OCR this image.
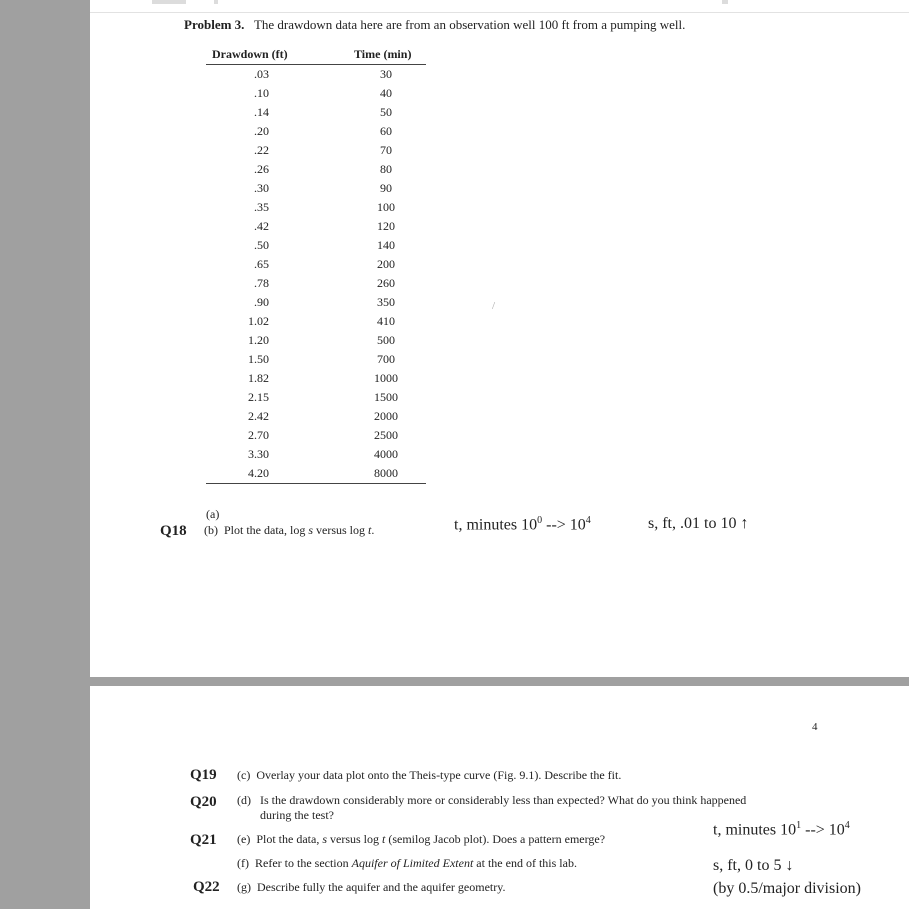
Problem 3. The drawdown data here are from an observation well 100 ft from a pumping well.
Drawdown (ft)	Time (min)
.03	30
.10	40
.14	50
.20	60
.22	70
.26	80
.30	90
.35	100
.42	120
.50	140
.65	200
.78	260
.90	350
1.02	410
1.20	500
1.50	700
1.82	1000
2.15	1500
2.42	2000
2.70	2500
3.30	4000
4.20	8000
/
(a)
Q18 (b) Plot the data, log s versus log t.	t, minutes $10^0$ --> $10^4$	s, ft, .01 to 10 ↑
4
Q19 (c) Overlay your data plot onto the Theis-type curve (Fig. 9.1). Describe the fit.
Q20 (d) Is the drawdown considerably more or considerably less than expected? What do you think happened
during the test?
Q21 (e) Plot the data, s versus log t (semilog Jacob plot). Does a pattern emerge?
(f) Refer to the section Aquifer of Limited Extent at the end of this lab.
Q22 (g) Describe fully the aquifer and the aquifer geometry.
t, minutes $10^1$ --> $10^4$
s, ft, 0 to 5 ↓
(by 0.5/major division)
